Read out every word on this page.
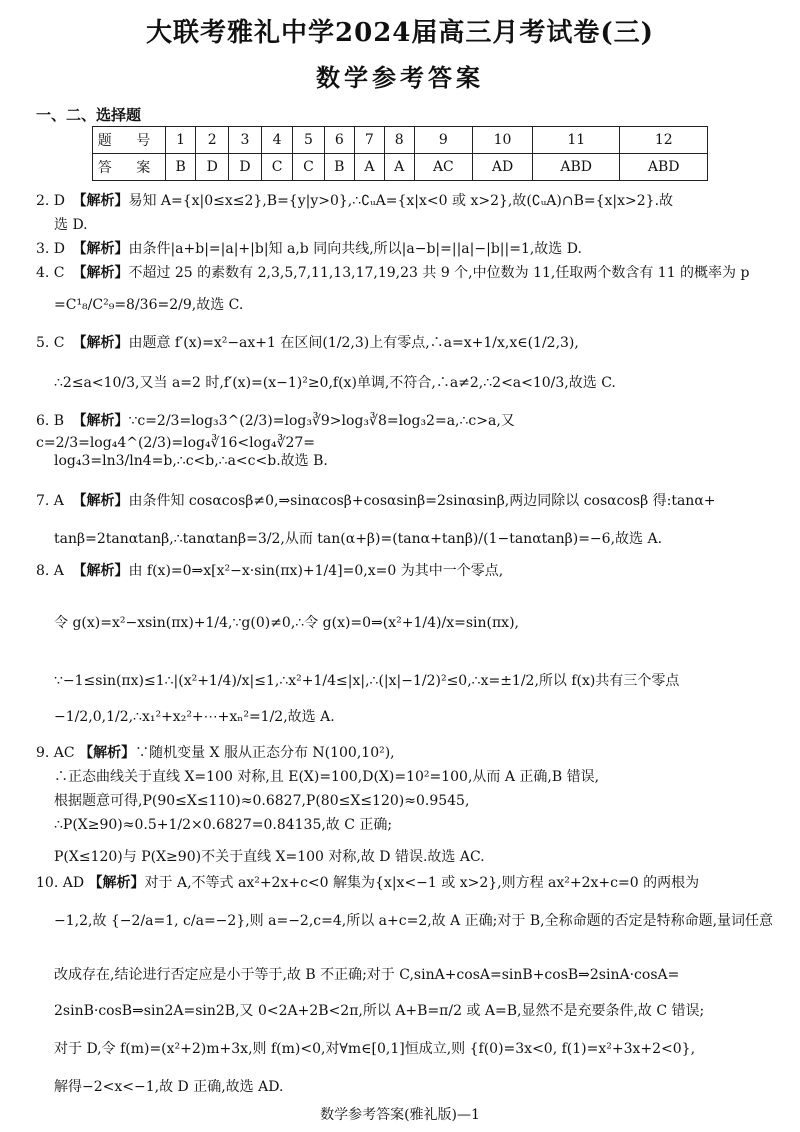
大联考雅礼中学2024届高三月考试卷(三)
数学参考答案
一、二、选择题
题 号	1	2	3	4	5	6	7	8	9	10	11	12
答 案	B	D	D	C	C	B	A	A	AC	AD	ABD	ABD
2. D 【解析】易知 A={x|0≤x≤2},B={y|y>0},∴∁ᵤA={x|x<0 或 x>2},故(∁ᵤA)∩B={x|x>2}.故
选 D.
3. D 【解析】由条件|a+b|=|a|+|b|知 a,b 同向共线,所以|a−b|=||a|−|b||=1,故选 D.
4. C 【解析】不超过 25 的素数有 2,3,5,7,11,13,17,19,23 共 9 个,中位数为 11,任取两个数含有 11 的概率为 p
=C¹₈/C²₉=8/36=2/9,故选 C.
5. C 【解析】由题意 f′(x)=x²−ax+1 在区间(1/2,3)上有零点,∴a=x+1/x,x∈(1/2,3),
∴2≤a<10/3,又当 a=2 时,f′(x)=(x−1)²≥0,f(x)单调,不符合,∴a≠2,∴2<a<10/3,故选 C.
6. B 【解析】∵c=2/3=log₃3^(2/3)=log₃∛9>log₃∛8=log₃2=a,∴c>a,又 c=2/3=log₄4^(2/3)=log₄∛16<log₄∛27=
log₄3=ln3/ln4=b,∴c<b,∴a<c<b.故选 B.
7. A 【解析】由条件知 cosαcosβ≠0,⇒sinαcosβ+cosαsinβ=2sinαsinβ,两边同除以 cosαcosβ 得:tanα+
tanβ=2tanαtanβ,∴tanαtanβ=3/2,从而 tan(α+β)=(tanα+tanβ)/(1−tanαtanβ)=−6,故选 A.
8. A 【解析】由 f(x)=0⇒x[x²−x·sin(πx)+1/4]=0,x=0 为其中一个零点,
令 g(x)=x²−xsin(πx)+1/4,∵g(0)≠0,∴令 g(x)=0⇒(x²+1/4)/x=sin(πx),
∵−1≤sin(πx)≤1∴|(x²+1/4)/x|≤1,∴x²+1/4≤|x|,∴(|x|−1/2)²≤0,∴x=±1/2,所以 f(x)共有三个零点
−1/2,0,1/2,∴x₁²+x₂²+⋯+xₙ²=1/2,故选 A.
9. AC 【解析】∵随机变量 X 服从正态分布 N(100,10²),
∴正态曲线关于直线 X=100 对称,且 E(X)=100,D(X)=10²=100,从而 A 正确,B 错误,
根据题意可得,P(90≤X≤110)≈0.6827,P(80≤X≤120)≈0.9545,
∴P(X≥90)≈0.5+1/2×0.6827=0.84135,故 C 正确;
P(X≤120)与 P(X≥90)不关于直线 X=100 对称,故 D 错误.故选 AC.
10. AD 【解析】对于 A,不等式 ax²+2x+c<0 解集为{x|x<−1 或 x>2},则方程 ax²+2x+c=0 的两根为
−1,2,故 {−2/a=1, c/a=−2},则 a=−2,c=4,所以 a+c=2,故 A 正确;对于 B,全称命题的否定是特称命题,量词任意
改成存在,结论进行否定应是小于等于,故 B 不正确;对于 C,sinA+cosA=sinB+cosB⇒2sinA·cosA=
2sinB·cosB⇒sin2A=sin2B,又 0<2A+2B<2π,所以 A+B=π/2 或 A=B,显然不是充要条件,故 C 错误;
对于 D,令 f(m)=(x²+2)m+3x,则 f(m)<0,对∀m∈[0,1]恒成立,则 {f(0)=3x<0, f(1)=x²+3x+2<0},
解得−2<x<−1,故 D 正确,故选 AD.
数学参考答案(雅礼版)—1
